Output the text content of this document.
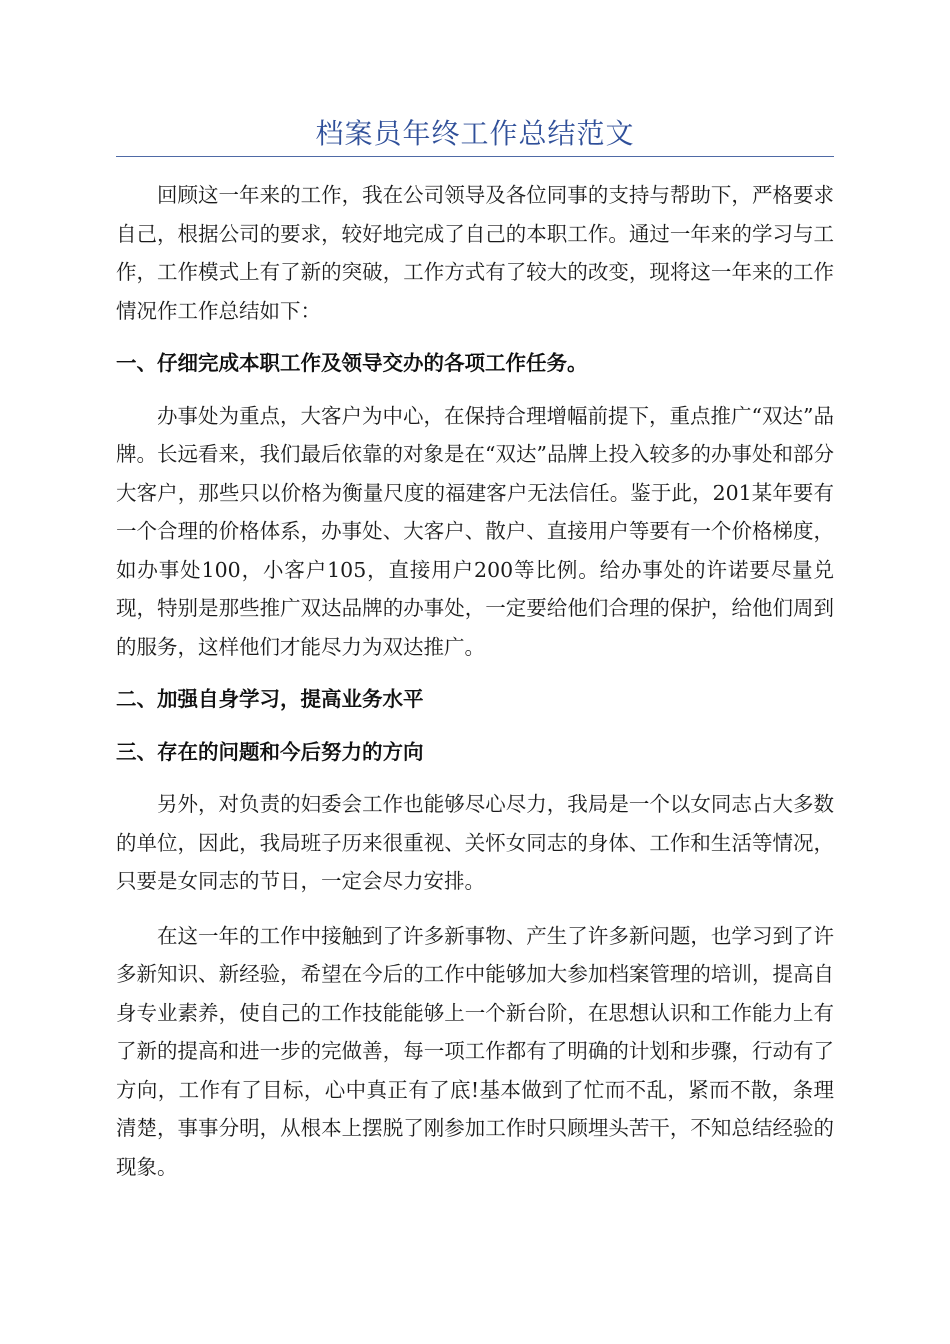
档案员年终工作总结范文

回顾这一年来的工作，我在公司领导及各位同事的支持与帮助下，严格要求自己，根据公司的要求，较好地完成了自己的本职工作。通过一年来的学习与工作，工作模式上有了新的突破，工作方式有了较大的改变，现将这一年来的工作情况作工作总结如下：

一、仔细完成本职工作及领导交办的各项工作任务。

办事处为重点，大客户为中心，在保持合理增幅前提下，重点推广“双达”品牌。长远看来，我们最后依靠的对象是在“双达”品牌上投入较多的办事处和部分大客户，那些只以价格为衡量尺度的福建客户无法信任。鉴于此，201某年要有一个合理的价格体系，办事处、大客户、散户、直接用户等要有一个价格梯度，如办事处100，小客户105，直接用户200等比例。给办事处的许诺要尽量兑现，特别是那些推广双达品牌的办事处，一定要给他们合理的保护，给他们周到的服务，这样他们才能尽力为双达推广。

二、加强自身学习，提高业务水平

三、存在的问题和今后努力的方向

另外，对负责的妇委会工作也能够尽心尽力，我局是一个以女同志占大多数的单位，因此，我局班子历来很重视、关怀女同志的身体、工作和生活等情况，只要是女同志的节日，一定会尽力安排。

在这一年的工作中接触到了许多新事物、产生了许多新问题，也学习到了许多新知识、新经验，希望在今后的工作中能够加大参加档案管理的培训，提高自身专业素养，使自己的工作技能能够上一个新台阶，在思想认识和工作能力上有了新的提高和进一步的完做善，每一项工作都有了明确的计划和步骤，行动有了方向，工作有了目标，心中真正有了底!基本做到了忙而不乱，紧而不散，条理清楚，事事分明，从根本上摆脱了刚参加工作时只顾埋头苦干，不知总结经验的现象。
